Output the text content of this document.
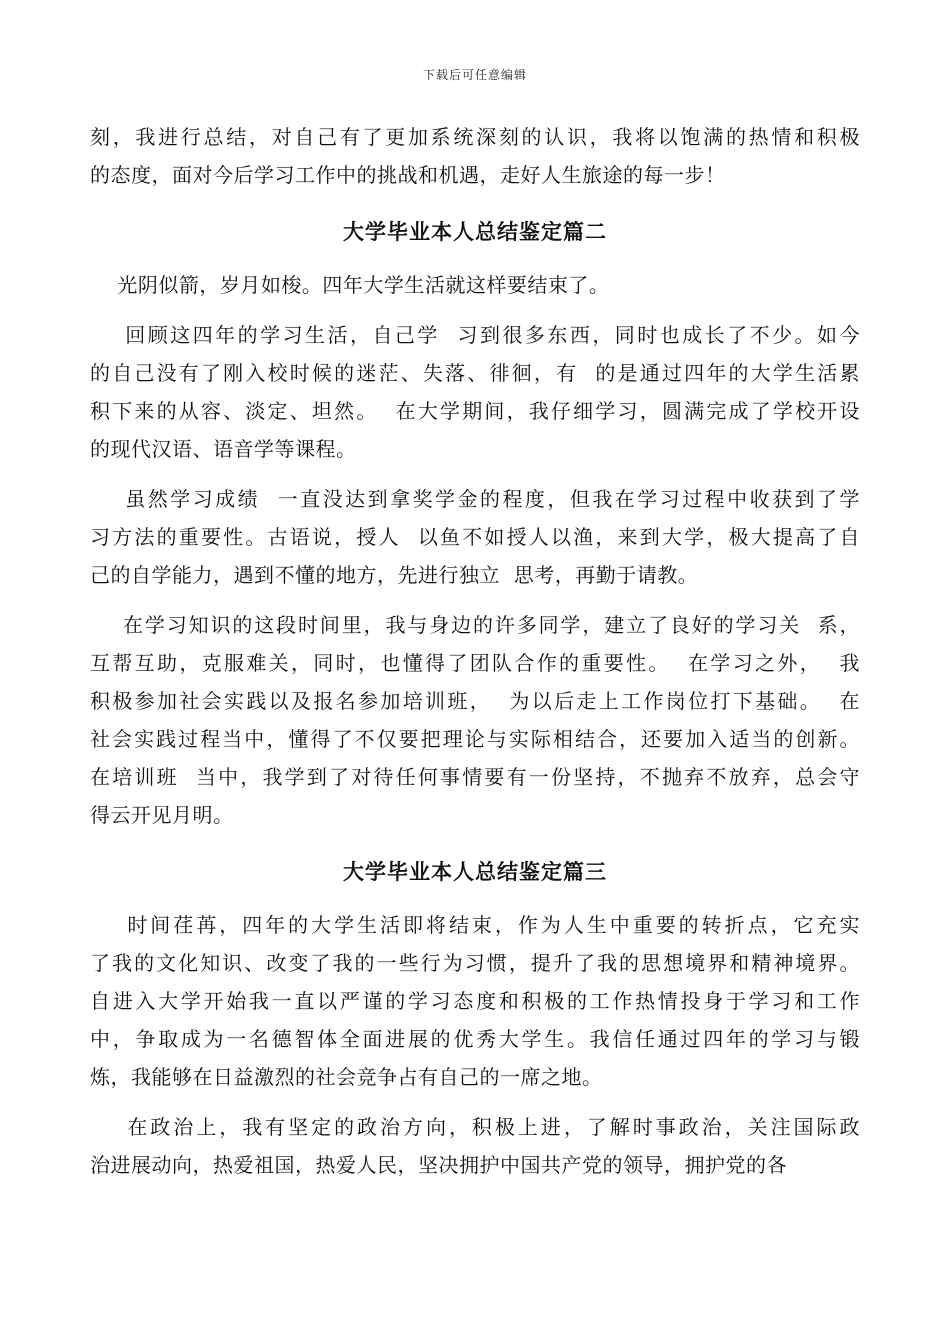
下载后可任意编辑
刻，我进行总结，对自己有了更加系统深刻的认识，我将以饱满的热情和积极
的态度，面对今后学习工作中的挑战和机遇，走好人生旅途的每一步！
大学毕业本人总结鉴定篇二
光阴似箭，岁月如梭。四年大学生活就这样要结束了。
回顾这四年的学习生活，自己学  习到很多东西，同时也成长了不少。如今
的自己没有了刚入校时候的迷茫、失落、徘徊，有  的是通过四年的大学生活累
积下来的从容、淡定、坦然。  在大学期间，我仔细学习，圆满完成了学校开设
的现代汉语、语音学等课程。
虽然学习成绩  一直没达到拿奖学金的程度，但我在学习过程中收获到了学
习方法的重要性。古语说，授人  以鱼不如授人以渔，来到大学，极大提高了自
己的自学能力，遇到不懂的地方，先进行独立  思考，再勤于请教。
在学习知识的这段时间里，我与身边的许多同学，建立了良好的学习关  系，
互帮互助，克服难关，同时，也懂得了团队合作的重要性。  在学习之外，  我
积极参加社会实践以及报名参加培训班，  为以后走上工作岗位打下基础。  在
社会实践过程当中，懂得了不仅要把理论与实际相结合，还要加入适当的创新。
在培训班  当中，我学到了对待任何事情要有一份坚持，不抛弃不放弃，总会守
得云开见月明。
大学毕业本人总结鉴定篇三
时间荏苒，四年的大学生活即将结束，作为人生中重要的转折点，它充实
了我的文化知识、改变了我的一些行为习惯，提升了我的思想境界和精神境界。
自进入大学开始我一直以严谨的学习态度和积极的工作热情投身于学习和工作
中，争取成为一名德智体全面进展的优秀大学生。我信任通过四年的学习与锻
炼，我能够在日益激烈的社会竞争占有自己的一席之地。
在政治上，我有坚定的政治方向，积极上进，了解时事政治，关注国际政
治进展动向，热爱祖国，热爱人民，坚决拥护中国共产党的领导，拥护党的各
